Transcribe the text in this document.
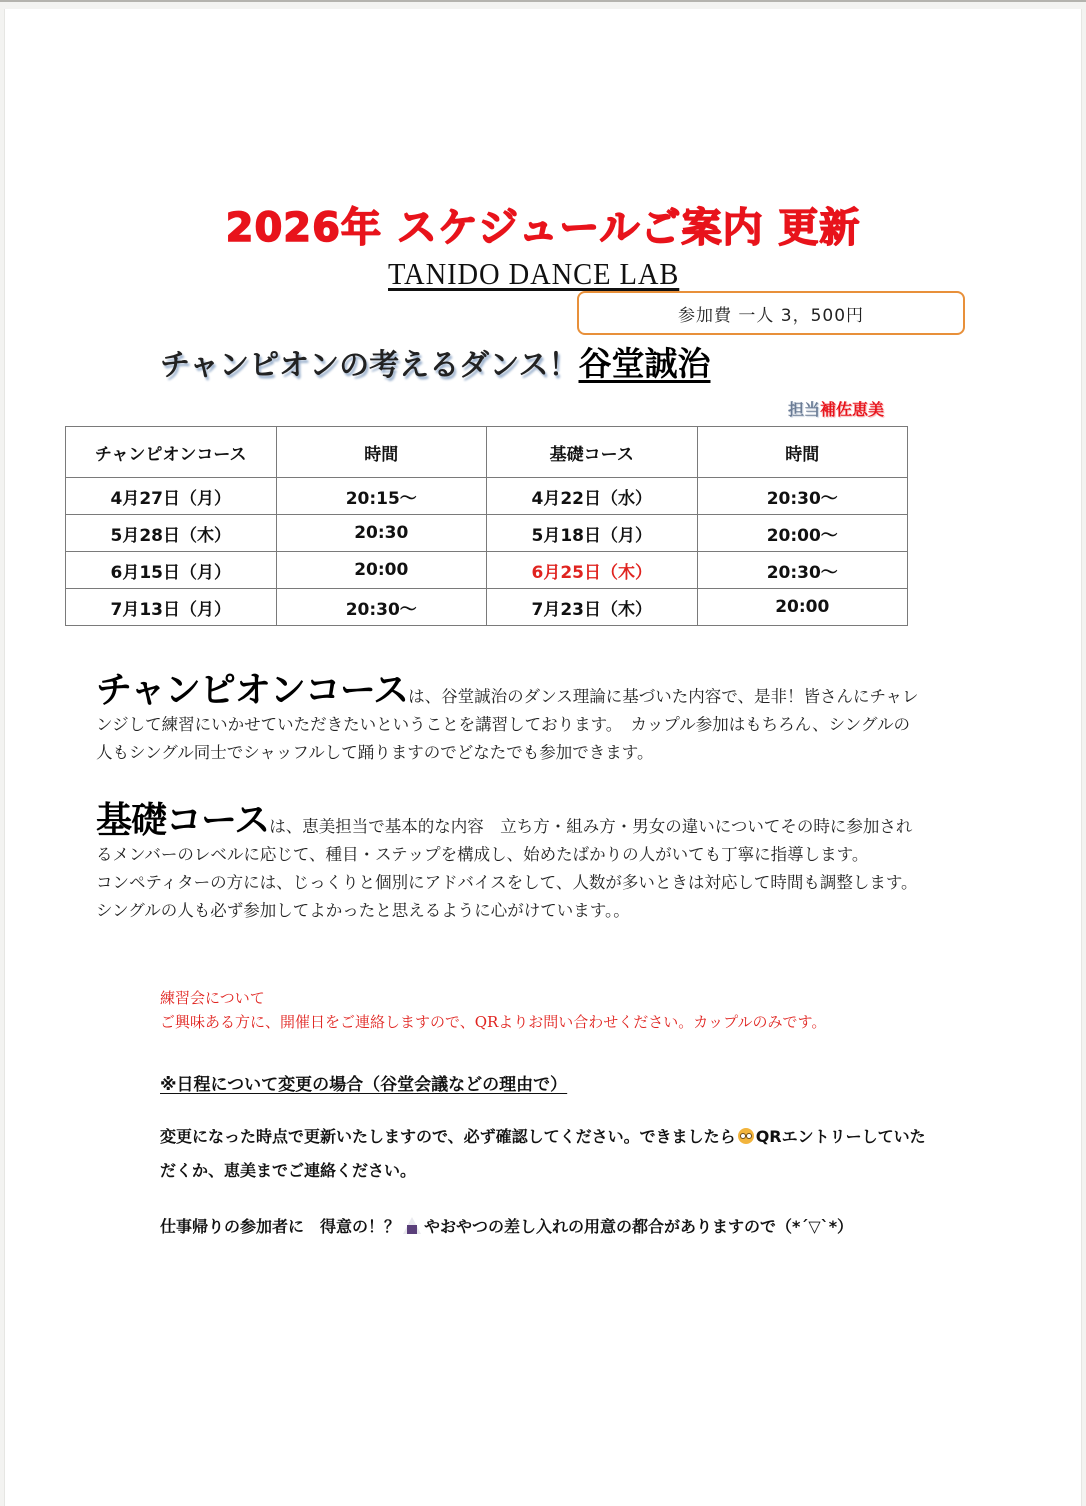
2026年 スケジュールご案内 更新
TANIDO DANCE LAB
参加費 一人 3，500円
チャンピオンの考えるダンス！谷堂誠治
担当補佐恵美
チャンピオンコース	時間	基礎コース	時間
4月27日（月）	20:15～	4月22日（水）	20:30～
5月28日（木）	20:30	5月18日（月）	20:00～
6月15日（月）	20:00	6月25日（木）	20:30～
7月13日（月）	20:30～	7月23日（木）	20:00
チャンピオンコースは、谷堂誠治のダンス理論に基づいた内容で、是非！皆さんにチャレンジして練習にいかせていただきたいということを講習しております。　カップル参加はもちろん、シングルの人もシングル同士でシャッフルして踊りますのでどなたでも参加できます。
基礎コースは、恵美担当で基本的な内容　立ち方・組み方・男女の違いについてその時に参加されるメンバーのレベルに応じて、種目・ステップを構成し、始めたばかりの人がいても丁寧に指導します。
コンペティターの方には、じっくりと個別にアドバイスをして、人数が多いときは対応して時間も調整します。シングルの人も必ず参加してよかったと思えるように心がけています。。
練習会について
ご興味ある方に、開催日をご連絡しますので、QRよりお問い合わせください。カップルのみです。
※日程について変更の場合（谷堂会議などの理由で）
変更になった時点で更新いたしますので、必ず確認してください。できましたら QRエントリーしていただくか、恵美までご連絡ください。
仕事帰りの参加者に　得意の！？ やおやつの差し入れの用意の都合がありますので（*´▽`*）
